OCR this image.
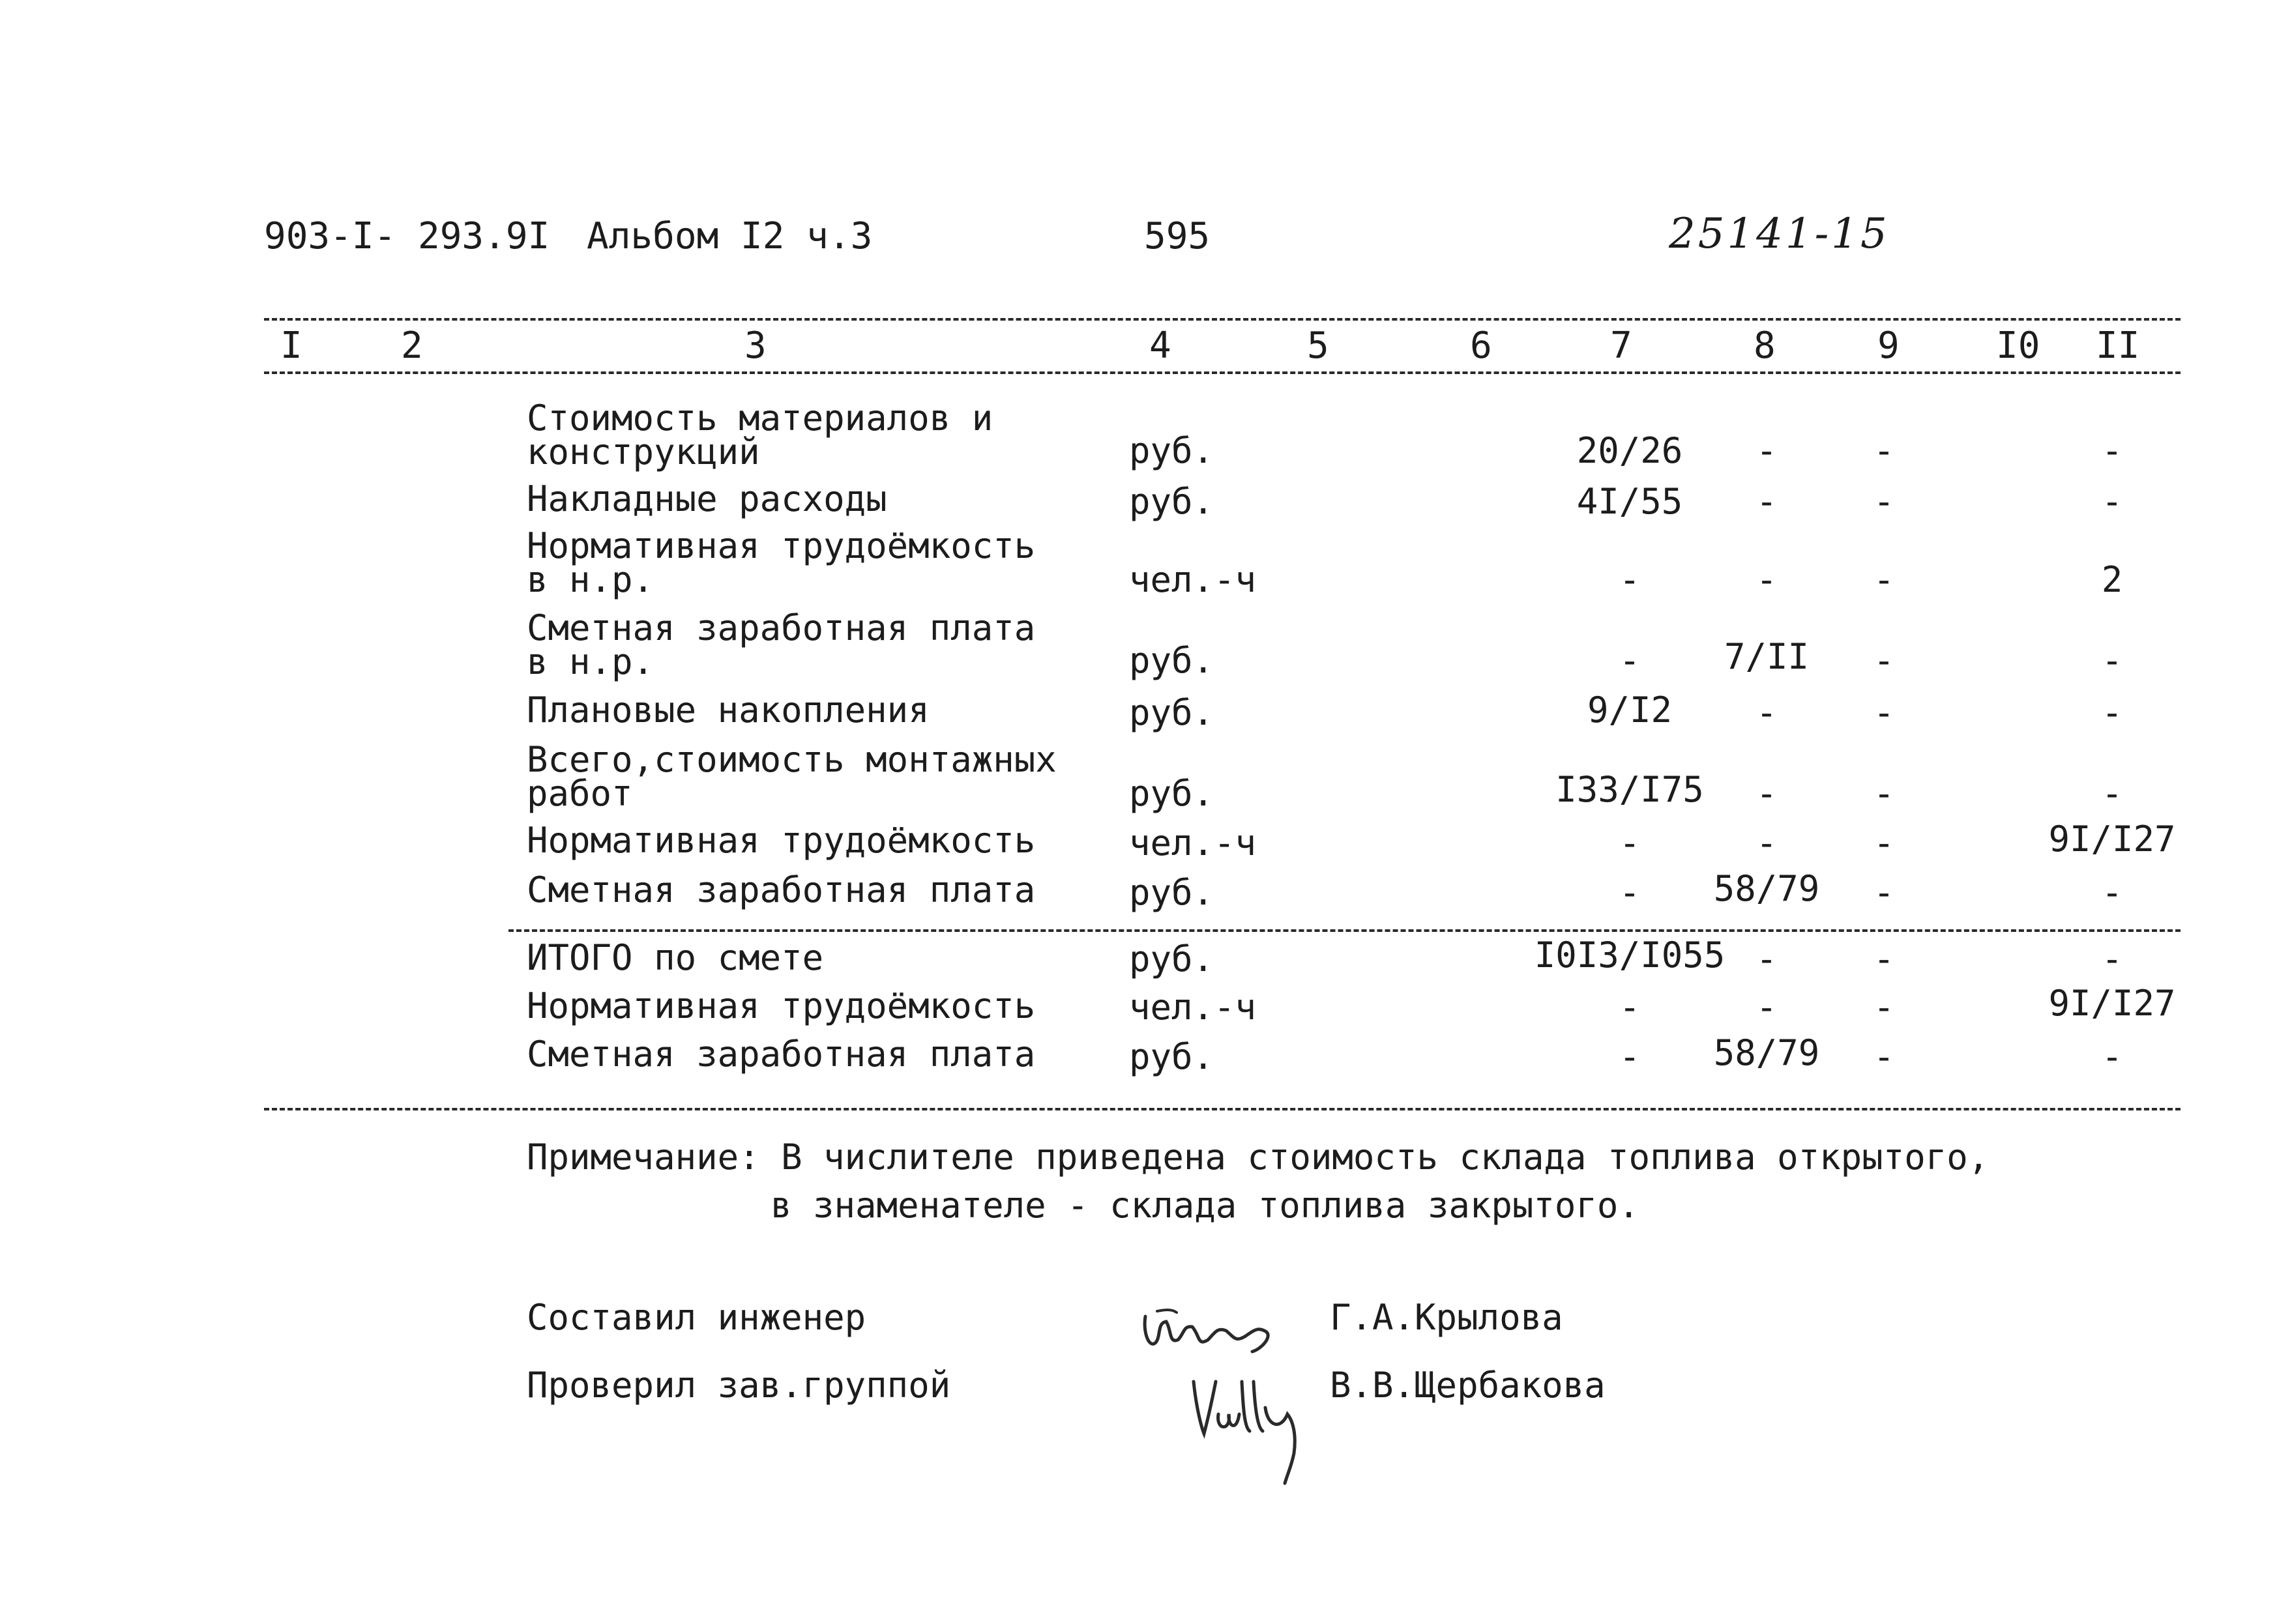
903-I- 293.9I Альбом I2 ч.3	595	25141-15
I	2	3	4	5	6	7	8	9	I0 II
Стоимость материалов и
конструкций	руб.	20/26	-	-	-
Накладные расходы	руб.	4I/55	-	-	-
Нормативная трудоёмкость
в н.р.	чел.-ч	-	-	-	2
Сметная заработная плата
в н.р.	руб.	-	7/II	-	-
Плановые накопления	руб.	9/I2	-	-	-
Всего,стоимость монтажных
работ	руб.	I33/I75	-	-	-
Нормативная трудоёмкость	чел.-ч	-	-	-	9I/I27
Сметная заработная плата	руб.	-	58/79	-	-
ИТОГО по смете	руб.	I0I3/I055 -	-	-
Нормативная трудоёмкость	чел.-ч	-	-	-	9I/I27
Сметная заработная плата	руб.	-	58/79	-	-
Примечание: В числителе приведена стоимость склада топлива открытого,
в знаменателе - склада топлива закрытого.
Составил инженер	Г.А.Крылова
Проверил зав.группой	В.В.Щербакова
